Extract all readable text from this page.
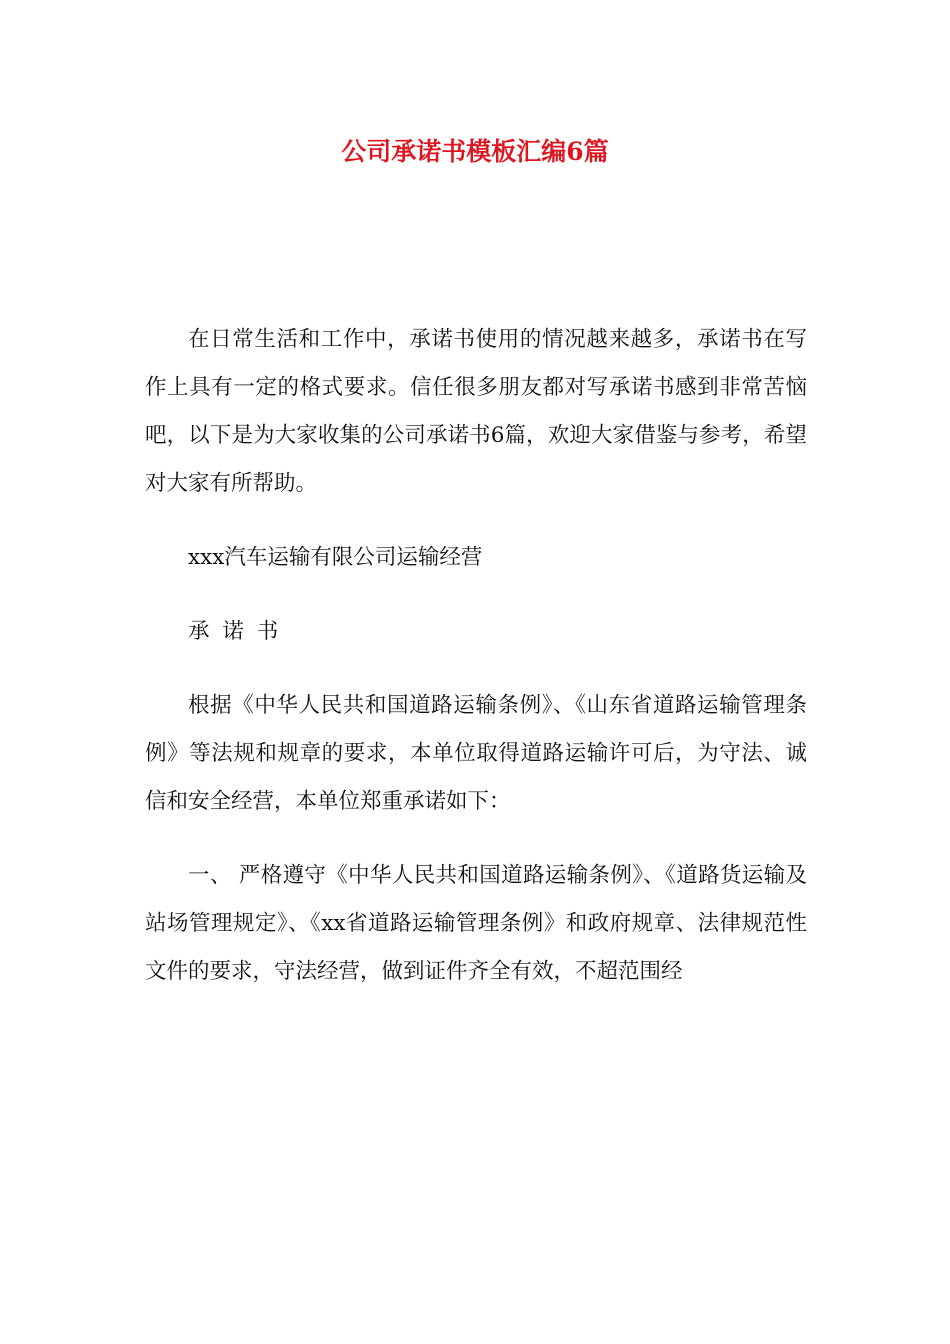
公司承诺书模板汇编6篇

在日常生活和工作中，承诺书使用的情况越来越多，承诺书在写作上具有一定的格式要求。信任很多朋友都对写承诺书感到非常苦恼吧，以下是为大家收集的公司承诺书6篇，欢迎大家借鉴与参考，希望对大家有所帮助。

xxx汽车运输有限公司运输经营

承诺书

根据《中华人民共和国道路运输条例》、《山东省道路运输管理条例》等法规和规章的要求，本单位取得道路运输许可后，为守法、诚信和安全经营，本单位郑重承诺如下：

一、 严格遵守《中华人民共和国道路运输条例》、《道路货运输及站场管理规定》、《xx省道路运输管理条例》和政府规章、法律规范性文件的要求，守法经营，做到证件齐全有效，不超范围经
